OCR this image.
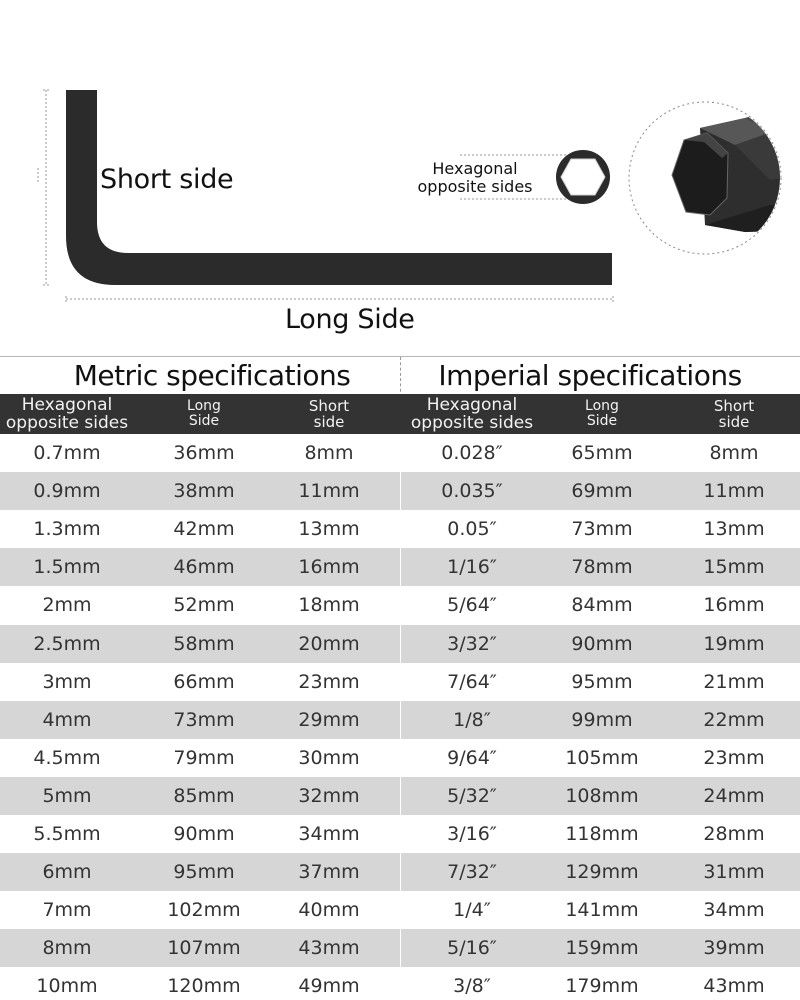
Short side
Long Side
Hexagonal
opposite sides
Metric specifications	Imperial specifications
Hexagonal
opposite sides
Long
Side
Short
side
Hexagonal
opposite sides
Long
Side
Short
side
0.7mm	36mm	8mm	0.028″	65mm	8mm
0.9mm	38mm	11mm	0.035″	69mm	11mm
1.3mm	42mm	13mm	0.05″	73mm	13mm
1.5mm	46mm	16mm	1/16″	78mm	15mm
2mm	52mm	18mm	5/64″	84mm	16mm
2.5mm	58mm	20mm	3/32″	90mm	19mm
3mm	66mm	23mm	7/64″	95mm	21mm
4mm	73mm	29mm	1/8″	99mm	22mm
4.5mm	79mm	30mm	9/64″	105mm	23mm
5mm	85mm	32mm	5/32″	108mm	24mm
5.5mm	90mm	34mm	3/16″	118mm	28mm
6mm	95mm	37mm	7/32″	129mm	31mm
7mm	102mm	40mm	1/4″	141mm	34mm
8mm	107mm	43mm	5/16″	159mm	39mm
10mm	120mm	49mm	3/8″	179mm	43mm
